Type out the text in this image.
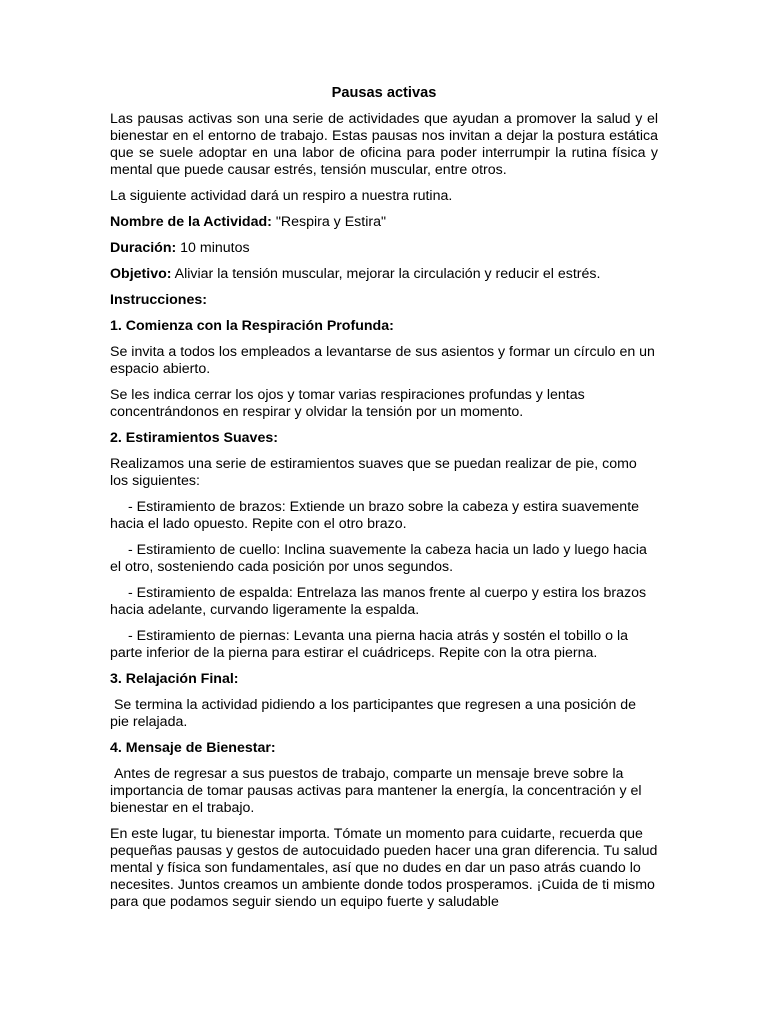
Pausas activas

Las pausas activas son una serie de actividades que ayudan a promover la salud y el bienestar en el entorno de trabajo. Estas pausas nos invitan a dejar la postura estática que se suele adoptar en una labor de oficina para poder interrumpir la rutina física y mental que puede causar estrés, tensión muscular, entre otros.

La siguiente actividad dará un respiro a nuestra rutina.

Nombre de la Actividad: "Respira y Estira"

Duración: 10 minutos

Objetivo: Aliviar la tensión muscular, mejorar la circulación y reducir el estrés.

Instrucciones:

1. Comienza con la Respiración Profunda:

Se invita a todos los empleados a levantarse de sus asientos y formar un círculo en un espacio abierto.

Se les indica cerrar los ojos y tomar varias respiraciones profundas y lentas concentrándonos en respirar y olvidar la tensión por un momento.

2. Estiramientos Suaves:

Realizamos una serie de estiramientos suaves que se puedan realizar de pie, como los siguientes:

- Estiramiento de brazos: Extiende un brazo sobre la cabeza y estira suavemente hacia el lado opuesto. Repite con el otro brazo.

- Estiramiento de cuello: Inclina suavemente la cabeza hacia un lado y luego hacia el otro, sosteniendo cada posición por unos segundos.

- Estiramiento de espalda: Entrelaza las manos frente al cuerpo y estira los brazos hacia adelante, curvando ligeramente la espalda.

- Estiramiento de piernas: Levanta una pierna hacia atrás y sostén el tobillo o la parte inferior de la pierna para estirar el cuádriceps. Repite con la otra pierna.

3. Relajación Final:

Se termina la actividad pidiendo a los participantes que regresen a una posición de pie relajada.

4. Mensaje de Bienestar:

Antes de regresar a sus puestos de trabajo, comparte un mensaje breve sobre la importancia de tomar pausas activas para mantener la energía, la concentración y el bienestar en el trabajo.

En este lugar, tu bienestar importa. Tómate un momento para cuidarte, recuerda que pequeñas pausas y gestos de autocuidado pueden hacer una gran diferencia. Tu salud mental y física son fundamentales, así que no dudes en dar un paso atrás cuando lo necesites. Juntos creamos un ambiente donde todos prosperamos. ¡Cuida de ti mismo para que podamos seguir siendo un equipo fuerte y saludable
